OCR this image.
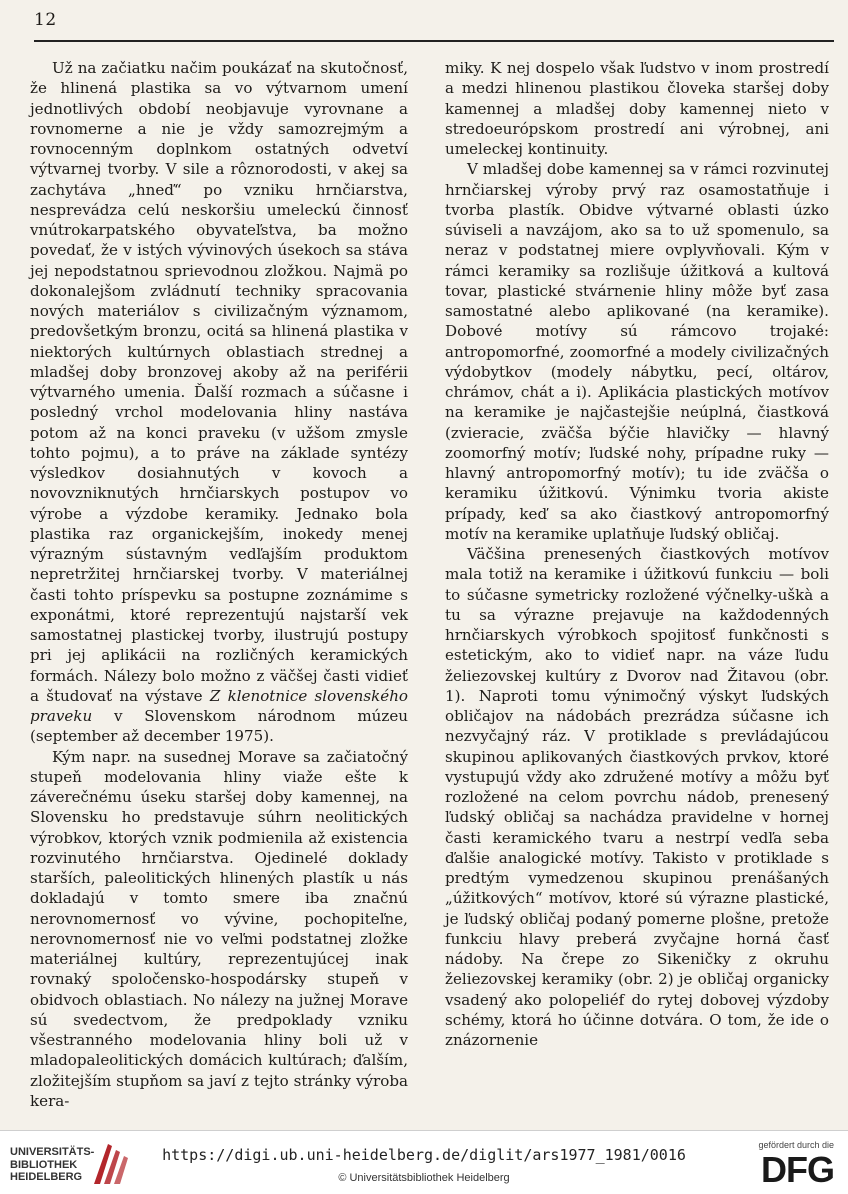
12

Už na začiatku načim poukázať na skutočnosť, že hlinená plastika sa vo výtvarnom umení jednotlivých období neobjavuje vyrovnane a rovnomerne a nie je vždy samozrejmým a rovnocenným doplnkom ostatných odvetví výtvarnej tvorby. V sile a rôznorodosti, v akej sa zachytáva „hneď“ po vzniku hrnčiarstva, nesprevádza celú neskoršiu umeleckú činnosť vnútrokarpatského obyvateľstva, ba možno povedať, že v istých vývinových úsekoch sa stáva jej nepodstatnou sprievodnou zložkou. Najmä po dokonalejšom zvládnutí techniky spracovania nových materiálov s civilizačným významom, predovšetkým bronzu, ocitá sa hlinená plastika v niektorých kultúrnych oblastiach strednej a mladšej doby bronzovej akoby až na periférii výtvarného umenia. Ďalší rozmach a súčasne i posledný vrchol modelovania hliny nastáva potom až na konci praveku (v užšom zmysle tohto pojmu), a to práve na základe syntézy výsledkov dosiahnutých v kovoch a novovzniknutých hrnčiarskych postupov vo výrobe a výzdobe keramiky. Jednako bola plastika raz organickejším, inokedy menej výrazným sústavným vedľajším produktom nepretržitej hrnčiarskej tvorby. V materiálnej časti tohto príspevku sa postupne zoznámime s exponátmi, ktoré reprezentujú najstarší vek samostatnej plastickej tvorby, ilustrujú postupy pri jej aplikácii na rozličných keramických formách. Nálezy bolo možno z väčšej časti vidieť a študovať na výstave Z klenotnice slovenského praveku v Slovenskom národnom múzeu (september až december 1975).

Kým napr. na susednej Morave sa začiatočný stupeň modelovania hliny viaže ešte k záverečnému úseku staršej doby kamennej, na Slovensku ho predstavuje súhrn neolitických výrobkov, ktorých vznik podmienila až existencia rozvinutého hrnčiarstva. Ojedinelé doklady starších, paleolitických hlinených plastík u nás dokladajú v tomto smere iba značnú nerovnomernosť vo vývine, pochopiteľne, nerovnomernosť nie vo veľmi podstatnej zložke materiálnej kultúry, reprezentujúcej inak rovnaký spoločensko-hospodársky stupeň v obidvoch oblastiach. No nálezy na južnej Morave sú svedectvom, že predpoklady vzniku všestranného modelovania hliny boli už v mladopaleolitických domácich kultúrach; ďalším, zložitejším stupňom sa javí z tejto stránky výroba kera-

miky. K nej dospelo však ľudstvo v inom prostredí a medzi hlinenou plastikou človeka staršej doby kamennej a mladšej doby kamennej nieto v stredoeurópskom prostredí ani výrobnej, ani umeleckej kontinuity.

V mladšej dobe kamennej sa v rámci rozvinutej hrnčiarskej výroby prvý raz osamostatňuje i tvorba plastík. Obidve výtvarné oblasti úzko súviseli a navzájom, ako sa to už spomenulo, sa neraz v podstatnej miere ovplyvňovali. Kým v rámci keramiky sa rozlišuje úžitková a kultová tovar, plastické stvárnenie hliny môže byť zasa samostatné alebo aplikované (na keramike). Dobové motívy sú rámcovo trojaké: antropomorfné, zoomorfné a modely civilizačných výdobytkov (modely nábytku, pecí, oltárov, chrámov, chát a i). Aplikácia plastických motívov na keramike je najčastejšie neúplná, čiastková (zvieracie, zväčša býčie hlavičky — hlavný zoomorfný motív; ľudské nohy, prípadne ruky — hlavný antropomorfný motív); tu ide zväčša o keramiku úžitkovú. Výnimku tvoria akiste prípady, keď sa ako čiastkový antropomorfný motív na keramike uplatňuje ľudský obličaj.

Väčšina prenesených čiastkových motívov mala totiž na keramike i úžitkovú funkciu — boli to súčasne symetricky rozložené výčnelky-uškà a tu sa výrazne prejavuje na každodenných hrnčiarskych výrobkoch spojitosť funkčnosti s estetickým, ako to vidieť napr. na váze ľudu želiezovskej kultúry z Dvorov nad Žitavou (obr. 1). Naproti tomu výnimočný výskyt ľudských obličajov na nádobách prezrádza súčasne ich nezvyčajný ráz. V protiklade s prevládajúcou skupinou aplikovaných čiastkových prvkov, ktoré vystupujú vždy ako združené motívy a môžu byť rozložené na celom povrchu nádob, prenesený ľudský obličaj sa nachádza pravidelne v hornej časti keramického tvaru a nestrpí vedľa seba ďalšie analogické motívy. Takisto v protiklade s predtým vymedzenou skupinou prenášaných „úžitkových“ motívov, ktoré sú výrazne plastické, je ľudský obličaj podaný pomerne plošne, pretože funkciu hlavy preberá zvyčajne horná časť nádoby. Na črepe zo Sikeničky z okruhu želiezovskej keramiky (obr. 2) je obličaj organicky vsadený ako polореliéf do rytej dobovej výzdoby schémy, ktorá ho účinne dotvára. O tom, že ide o znázornenie

UNIVERSITÄTS-
BIBLIOTHEK
HEIDELBERG
https://digi.ub.uni-heidelberg.de/diglit/ars1977_1981/0016
© Universitätsbibliothek Heidelberg
gefördert durch die
DFG
